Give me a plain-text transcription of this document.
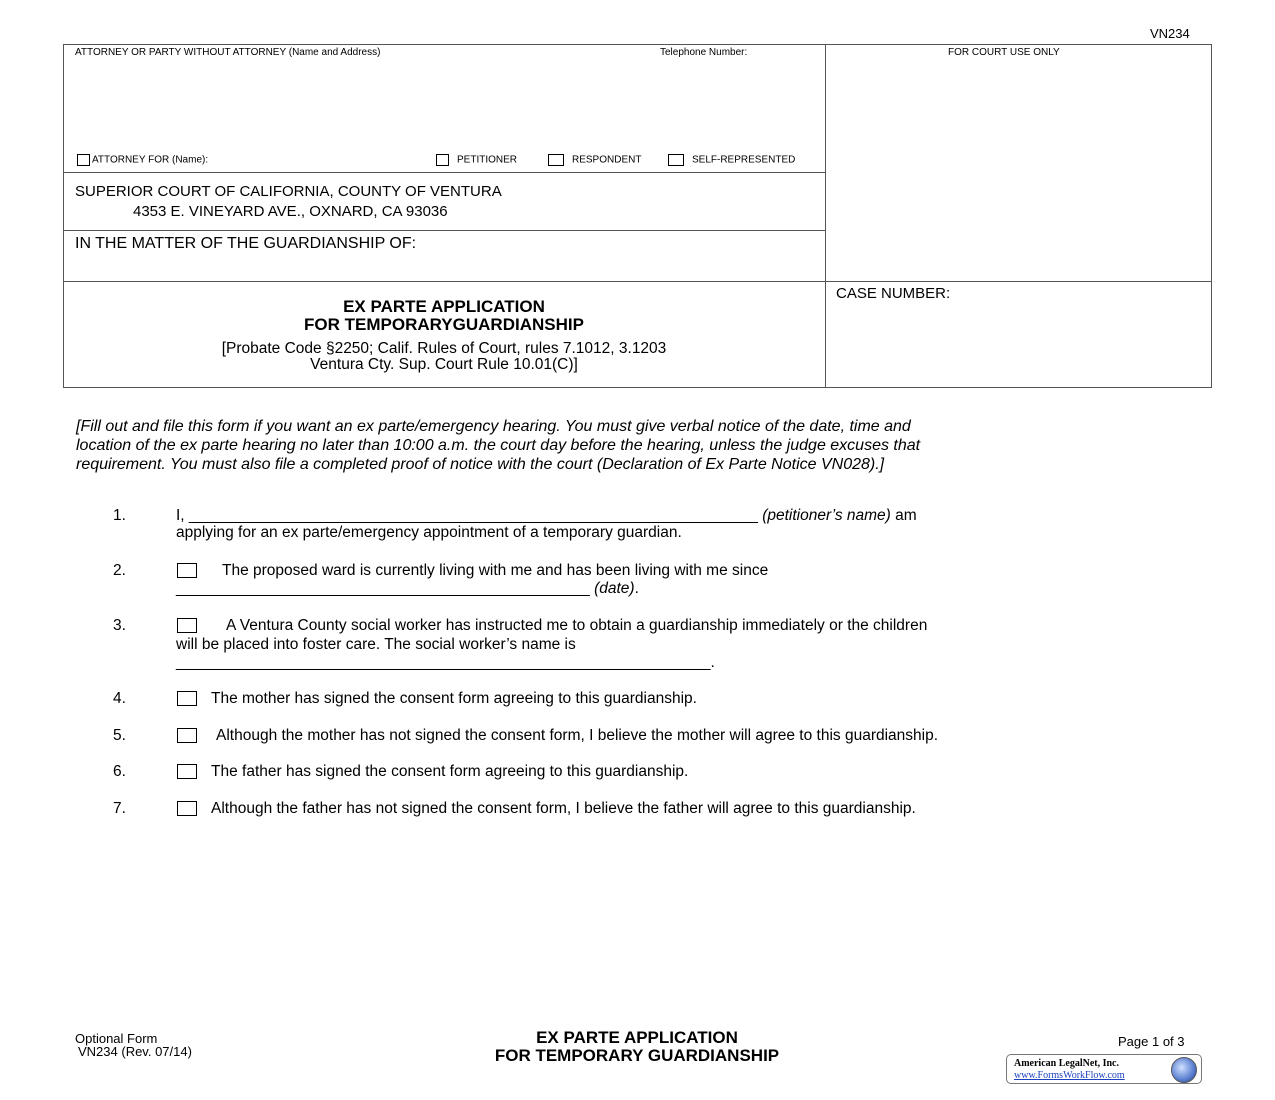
VN234
ATTORNEY OR PARTY WITHOUT ATTORNEY (Name and Address)	Telephone Number:	FOR COURT USE ONLY
ATTORNEY FOR (Name):	PETITIONER	RESPONDENT	SELF-REPRESENTED
SUPERIOR COURT OF CALIFORNIA, COUNTY OF VENTURA
4353 E. VINEYARD AVE., OXNARD, CA 93036
IN THE MATTER OF THE GUARDIANSHIP OF:
CASE NUMBER:
EX PARTE APPLICATION
FOR TEMPORARYGUARDIANSHIP
[Probate Code §2250; Calif. Rules of Court, rules 7.1012, 3.1203
Ventura Cty. Sup. Court Rule 10.01(C)]
[Fill out and file this form if you want an ex parte/emergency hearing. You must give verbal notice of the date, time and
location of the ex parte hearing no later than 10:00 a.m. the court day before the hearing, unless the judge excuses that
requirement. You must also file a completed proof of notice with the court (Declaration of Ex Parte Notice VN028).]
1.	I, __________________________________________________________________ (petitioner’s name) am
applying for an ex parte/emergency appointment of a temporary guardian.
2.	The proposed ward is currently living with me and has been living with me since
________________________________________________ (date).
3.	A Ventura County social worker has instructed me to obtain a guardianship immediately or the children
will be placed into foster care. The social worker’s name is
______________________________________________________________.
4.	The mother has signed the consent form agreeing to this guardianship.
5.	Although the mother has not signed the consent form, I believe the mother will agree to this guardianship.
6.	The father has signed the consent form agreeing to this guardianship.
7.	Although the father has not signed the consent form, I believe the father will agree to this guardianship.
Optional Form
VN234 (Rev. 07/14)
EX PARTE APPLICATION
FOR TEMPORARY GUARDIANSHIP
Page 1 of 3
American LegalNet, Inc.
www.FormsWorkFlow.com
